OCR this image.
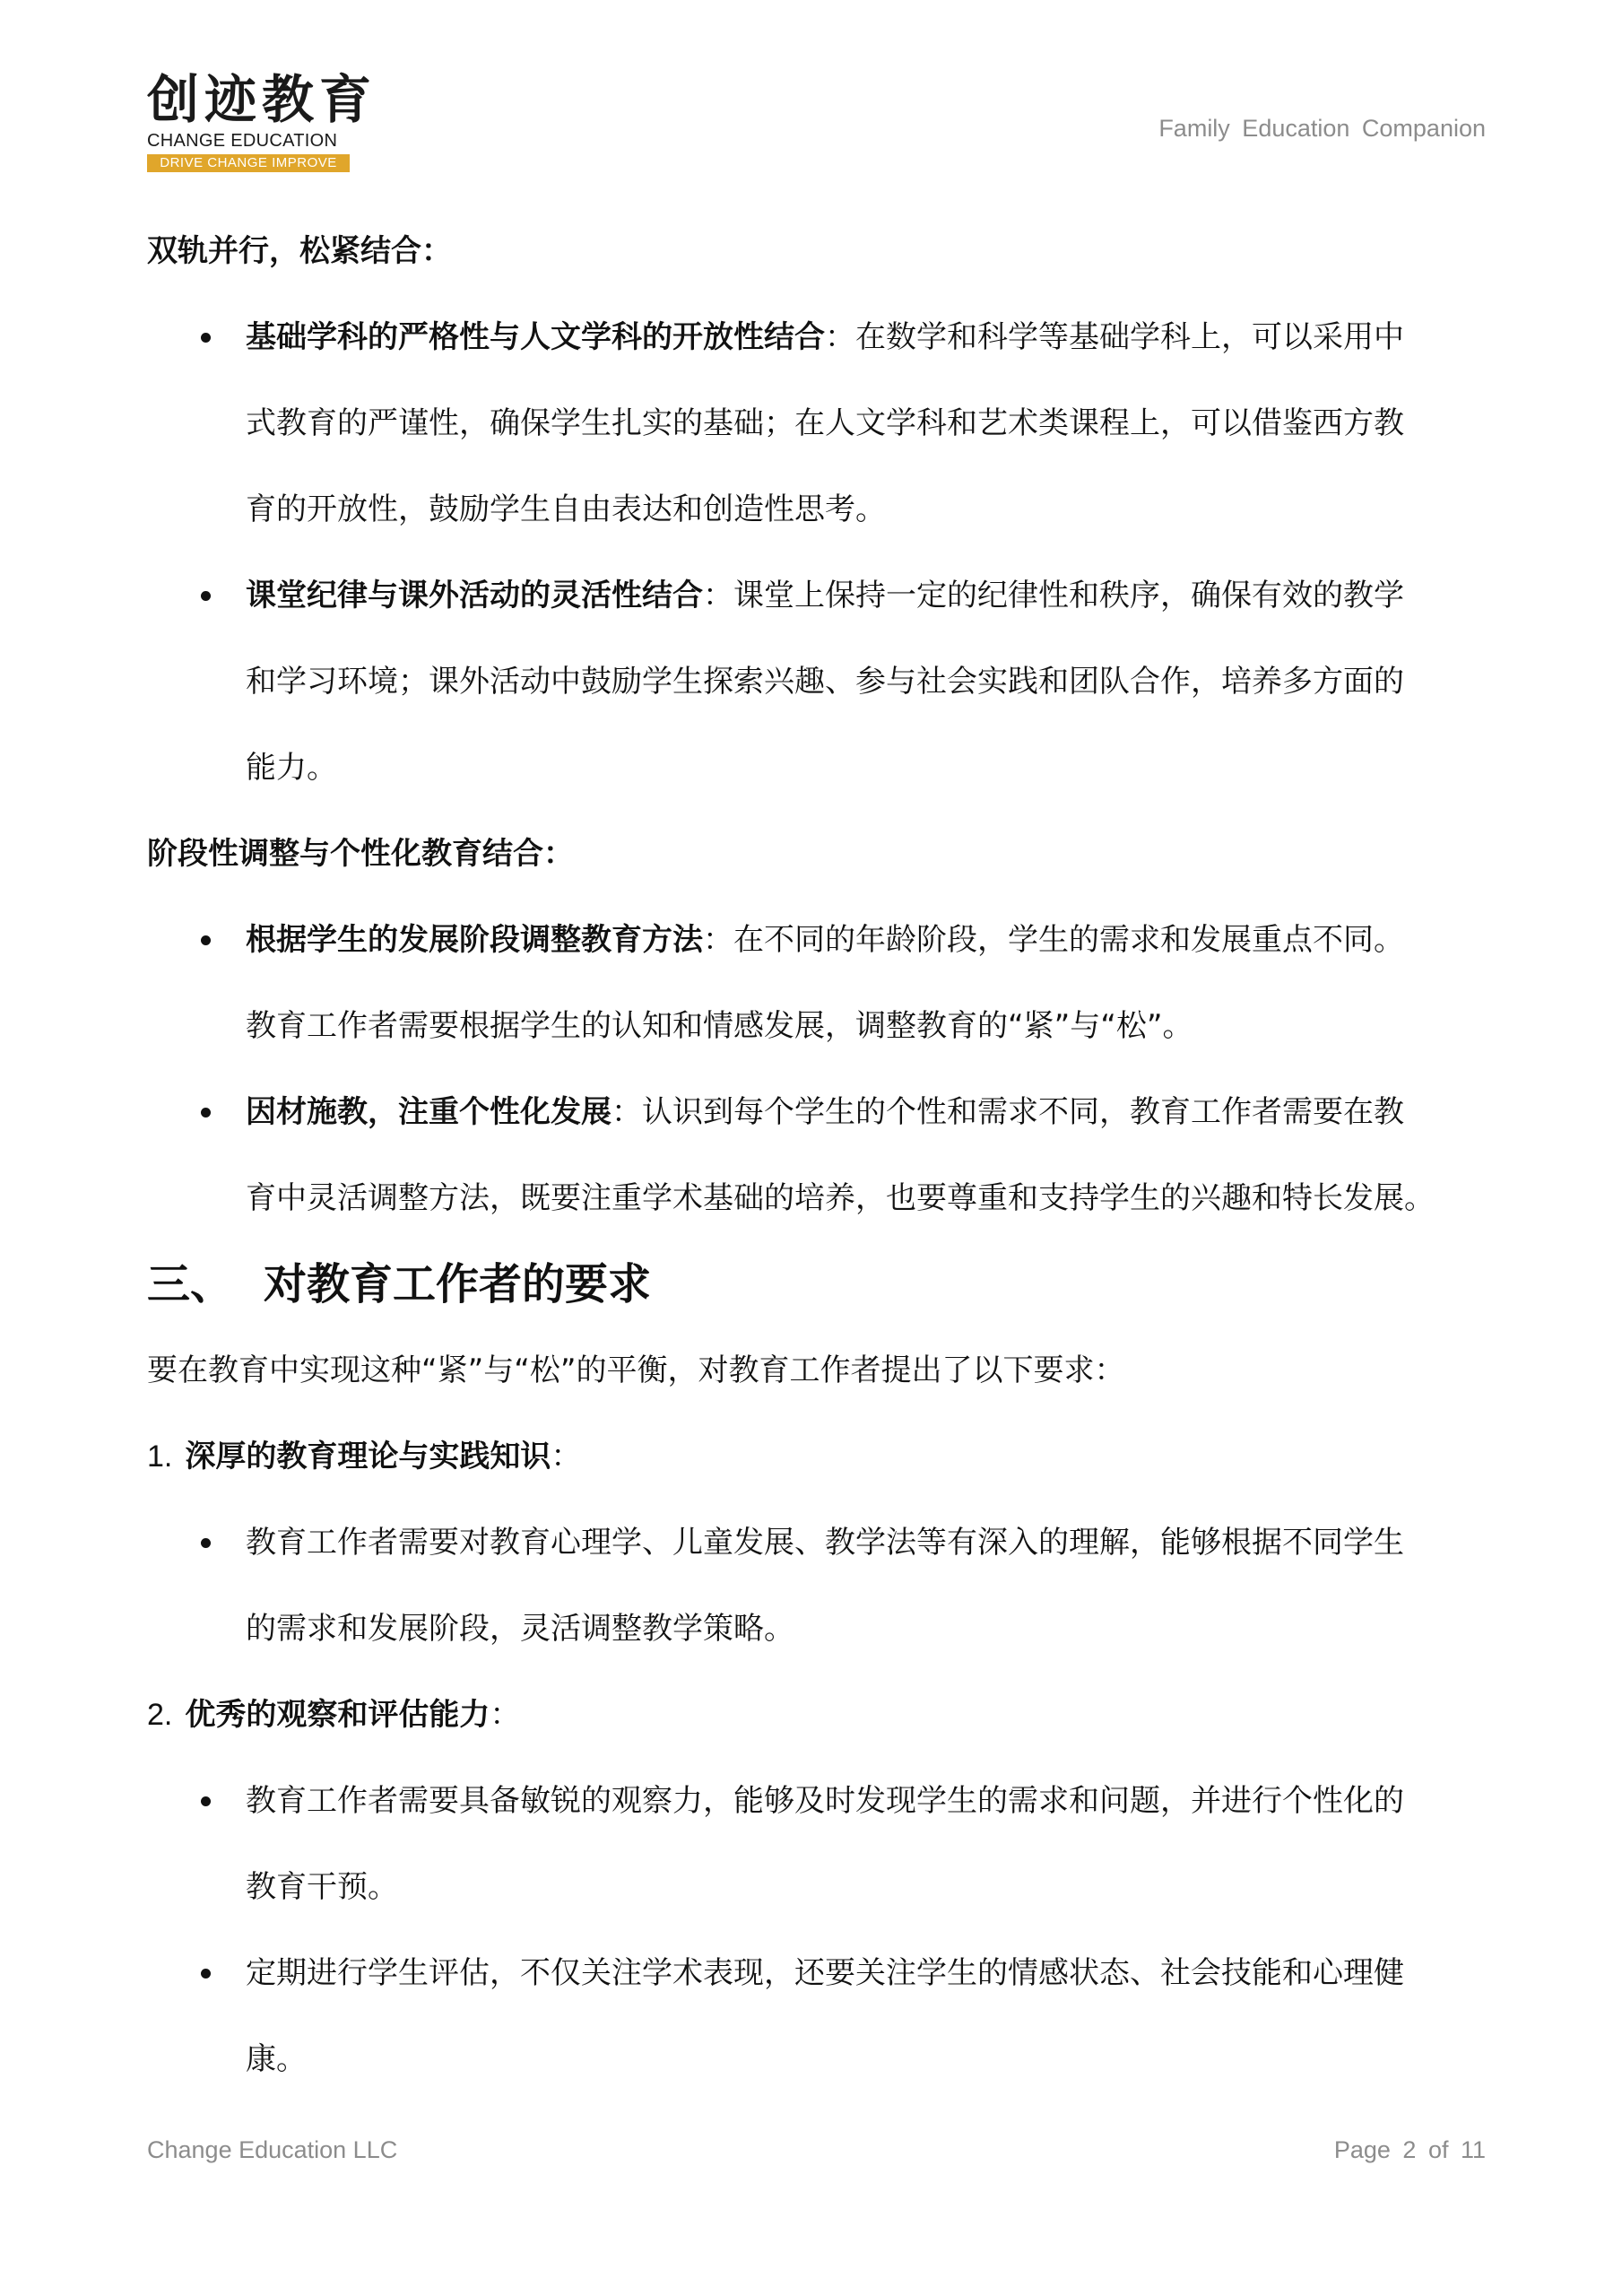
创迹教育
CHANGE EDUCATION
DRIVE CHANGE IMPROVE
Family Education Companion

双轨并行，松紧结合：

基础学科的严格性与人文学科的开放性结合：在数学和科学等基础学科上，可以采用中
式教育的严谨性，确保学生扎实的基础；在人文学科和艺术类课程上，可以借鉴西方教
育的开放性，鼓励学生自由表达和创造性思考。
课堂纪律与课外活动的灵活性结合：课堂上保持一定的纪律性和秩序，确保有效的教学
和学习环境；课外活动中鼓励学生探索兴趣、参与社会实践和团队合作，培养多方面的
能力。

阶段性调整与个性化教育结合：

根据学生的发展阶段调整教育方法：在不同的年龄阶段，学生的需求和发展重点不同。
教育工作者需要根据学生的认知和情感发展，调整教育的“紧”与“松”。
因材施教，注重个性化发展：认识到每个学生的个性和需求不同，教育工作者需要在教
育中灵活调整方法，既要注重学术基础的培养，也要尊重和支持学生的兴趣和特长发展。

三、 对教育工作者的要求

要在教育中实现这种“紧”与“松”的平衡，对教育工作者提出了以下要求：

1. 深厚的教育理论与实践知识：

教育工作者需要对教育心理学、儿童发展、教学法等有深入的理解，能够根据不同学生
的需求和发展阶段，灵活调整教学策略。

2. 优秀的观察和评估能力：

教育工作者需要具备敏锐的观察力，能够及时发现学生的需求和问题，并进行个性化的
教育干预。
定期进行学生评估，不仅关注学术表现，还要关注学生的情感状态、社会技能和心理健
康。
Change Education LLC	Page 2 of 11
